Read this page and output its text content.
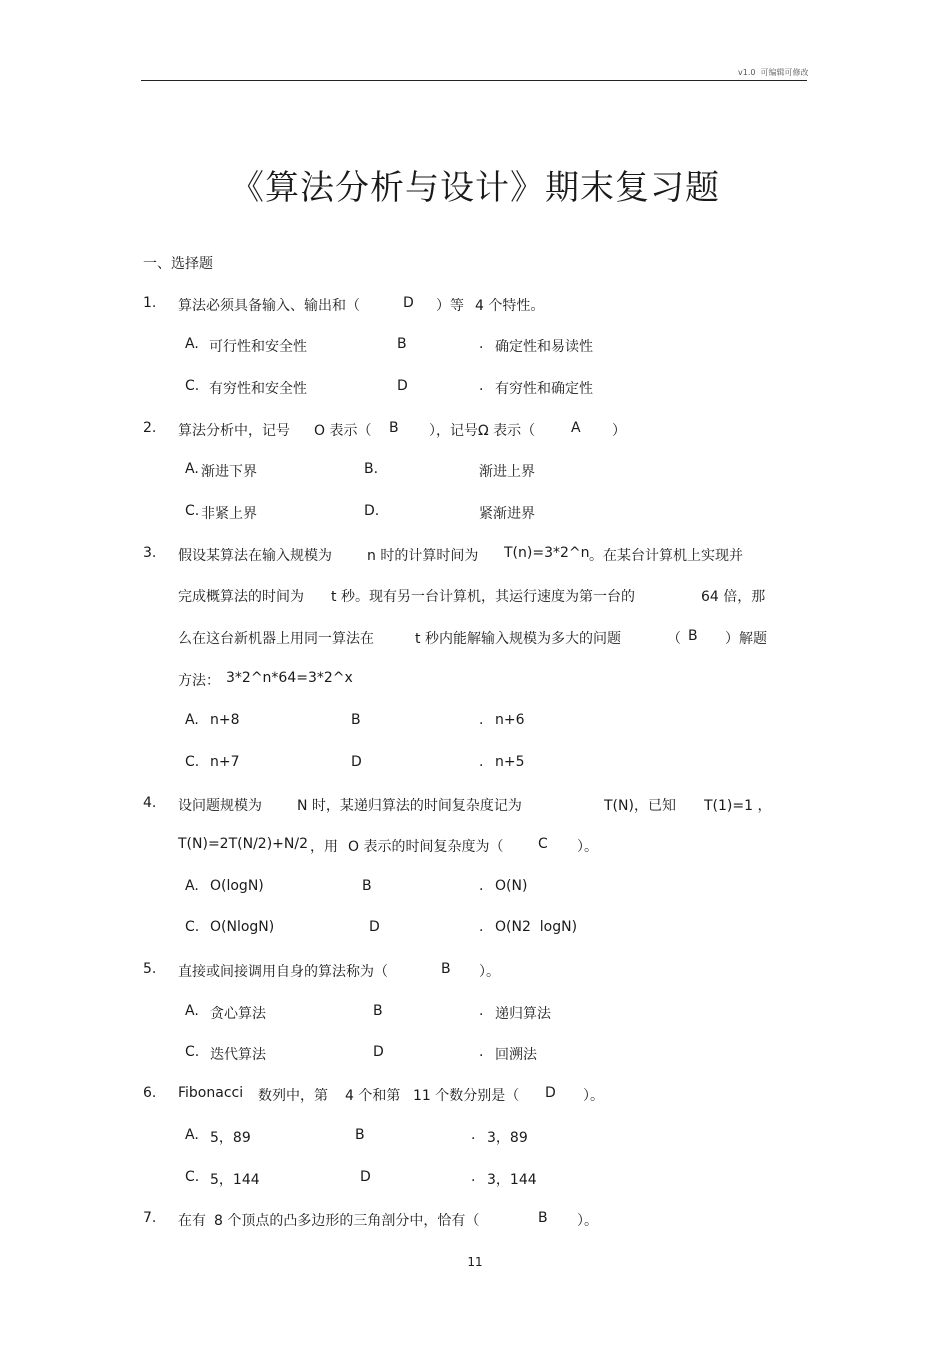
v1.0  可编辑可修改
《算法分析与设计》期末复习题
一、选择题
1. 算法必须具备输入、输出和（	D ）等 4 个特性。
A. 可行性和安全性	B	. 确定性和易读性
C. 有穷性和安全性	D	. 有穷性和确定性
2. 算法分析中，记号 O 表示（ B ），记号Ω 表示（	A ）
A. 渐进下界	B.	渐进上界
C. 非紧上界	D.	紧渐进界
3. 假设某算法在输入规模为	n 时的计算时间为 T(n)=3*2^n 。在某台计算机上实现并
完成概算法的时间为 t 秒。现有另一台计算机，其运行速度为第一台的	64 倍，那
么在这台新机器上用同一算法在	t 秒内能解输入规模为多大的问题	（ B ）解题
方法： 3*2^n*64=3*2^x
A. n+8	B	. n+6
C. n+7	D	. n+5
4. 设问题规模为	N 时，某递归算法的时间复杂度记为	T(N)，已知 T(1)=1 ，
T(N)=2T(N/2)+N/2 ，用 O 表示的时间复杂度为（ C ）。
A. O(logN)	B	. O(N)
C. O(NlogN)	D	. O(N2  logN)
5. 直接或间接调用自身的算法称为（	B ）。
A. 贪心算法	B	. 递归算法
C. 迭代算法	D	. 回溯法
6. Fibonacci 数列中，第 4 个和第 11 个数分别是（ D ）。
A. 5，89	B	. 3，89
C. 5，144	D	. 3，144
7. 在有 8 个顶点的凸多边形的三角剖分中，恰有（	B ）。
11
